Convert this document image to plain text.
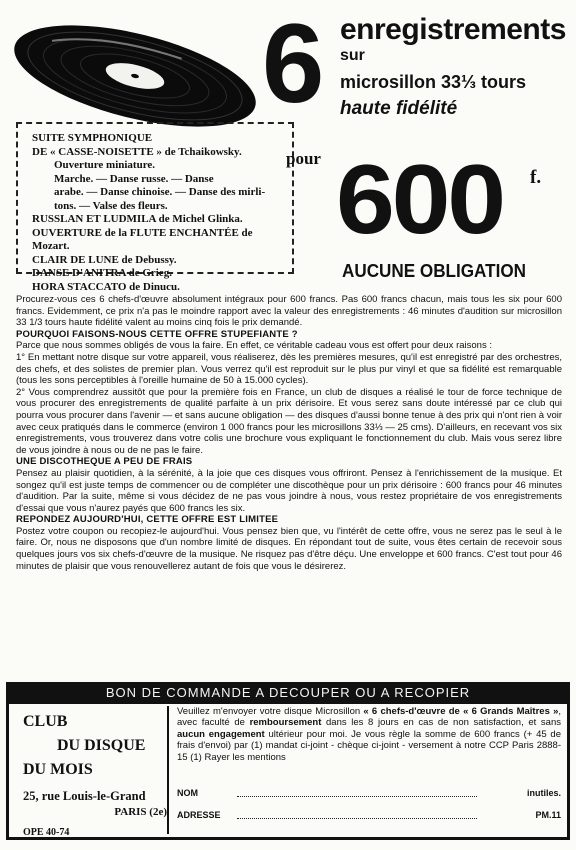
6 enregistrements
sur
microsillon 33⅓ tours
haute fidélité
SUITE SYMPHONIQUE
DE « CASSE-NOISETTE » de Tchaikowsky.
Ouverture miniature.
Marche. — Danse russe. — Danse
arabe. — Danse chinoise. — Danse des mirli-
tons. — Valse des fleurs.
RUSSLAN ET LUDMILA de Michel Glinka.
OUVERTURE de la FLUTE ENCHANTÉE de Mozart.
CLAIR DE LUNE de Debussy.
DANSE D'ANITRA de Grieg.
HORA STACCATO de Dinucu.
pour 600 f.
AUCUNE OBLIGATION

Procurez-vous ces 6 chefs-d'œuvre absolument intégraux pour 600 francs. Pas 600 francs chacun, mais tous les six pour 600 francs. Evidemment, ce prix n'a pas le moindre rapport avec la valeur des enregistrements : 46 minutes d'audition sur microsillon 33 1/3 tours haute fidélité valent au moins cinq fois le prix demandé.

POURQUOI FAISONS-NOUS CETTE OFFRE STUPEFIANTE ?

Parce que nous sommes obligés de vous la faire. En effet, ce véritable cadeau vous est offert pour deux raisons :

1° En mettant notre disque sur votre appareil, vous réaliserez, dès les premières mesures, qu'il est enregistré par des orchestres, des chefs, et des solistes de premier plan. Vous verrez qu'il est reproduit sur le plus pur vinyl et que sa fidélité est remarquable (tous les sons perceptibles à l'oreille humaine de 50 à 15.000 cycles).

2° Vous comprendrez aussitôt que pour la première fois en France, un club de disques a réalisé le tour de force technique de vous procurer des enregistrements de qualité parfaite à un prix dérisoire. Et vous serez sans doute intéressé par ce club qui pourra vous procurer dans l'avenir — et sans aucune obligation — des disques d'aussi bonne tenue à des prix qui n'ont rien à voir avec ceux pratiqués dans le commerce (environ 1 000 francs pour les microsillons 33⅓ — 25 cms). D'ailleurs, en recevant vos six enregistrements, vous trouverez dans votre colis une brochure vous expliquant le fonctionnement du club. Mais vous serez libre de vous joindre à nous ou de ne pas le faire.

UNE DISCOTHEQUE A PEU DE FRAIS

Pensez au plaisir quotidien, à la sérénité, à la joie que ces disques vous offriront. Pensez à l'enrichissement de la musique. Et songez qu'il est juste temps de commencer ou de compléter une discothèque pour un prix dérisoire : 600 francs pour 46 minutes d'audition. Par la suite, même si vous décidez de ne pas vous joindre à nous, vous restez propriétaire de vos enregistrements d'essai que vous n'aurez payés que 600 francs les six.

REPONDEZ AUJOURD'HUI, CETTE OFFRE EST LIMITEE

Postez votre coupon ou recopiez-le aujourd'hui. Vous pensez bien que, vu l'intérêt de cette offre, vous ne serez pas le seul à le faire. Or, nous ne disposons que d'un nombre limité de disques. En répondant tout de suite, vous êtes certain de recevoir sous quelques jours vos six chefs-d'œuvre de la musique. Ne risquez pas d'être déçu. Une enveloppe et 600 francs. C'est tout pour 46 minutes de plaisir que vous renouvellerez autant de fois que vous le désirerez.

BON DE COMMANDE A DECOUPER OU A RECOPIER
CLUB
DU DISQUE
DU MOIS
25, rue Louis-le-Grand
PARIS (2e)
OPE 40-74
Veuillez m'envoyer votre disque Microsillon « 6 chefs-d'œuvre de « 6 Grands Maîtres », avec faculté de remboursement dans les 8 jours en cas de non satisfaction, et sans aucun engagement ultérieur pour moi. Je vous règle la somme de 600 francs (+ 45 de frais d'envoi) par (1) mandat ci-joint - chèque ci-joint - versement à notre CCP Paris 2888-15 (1) Rayer les mentions
NOM	inutiles.
ADRESSE	PM.11
